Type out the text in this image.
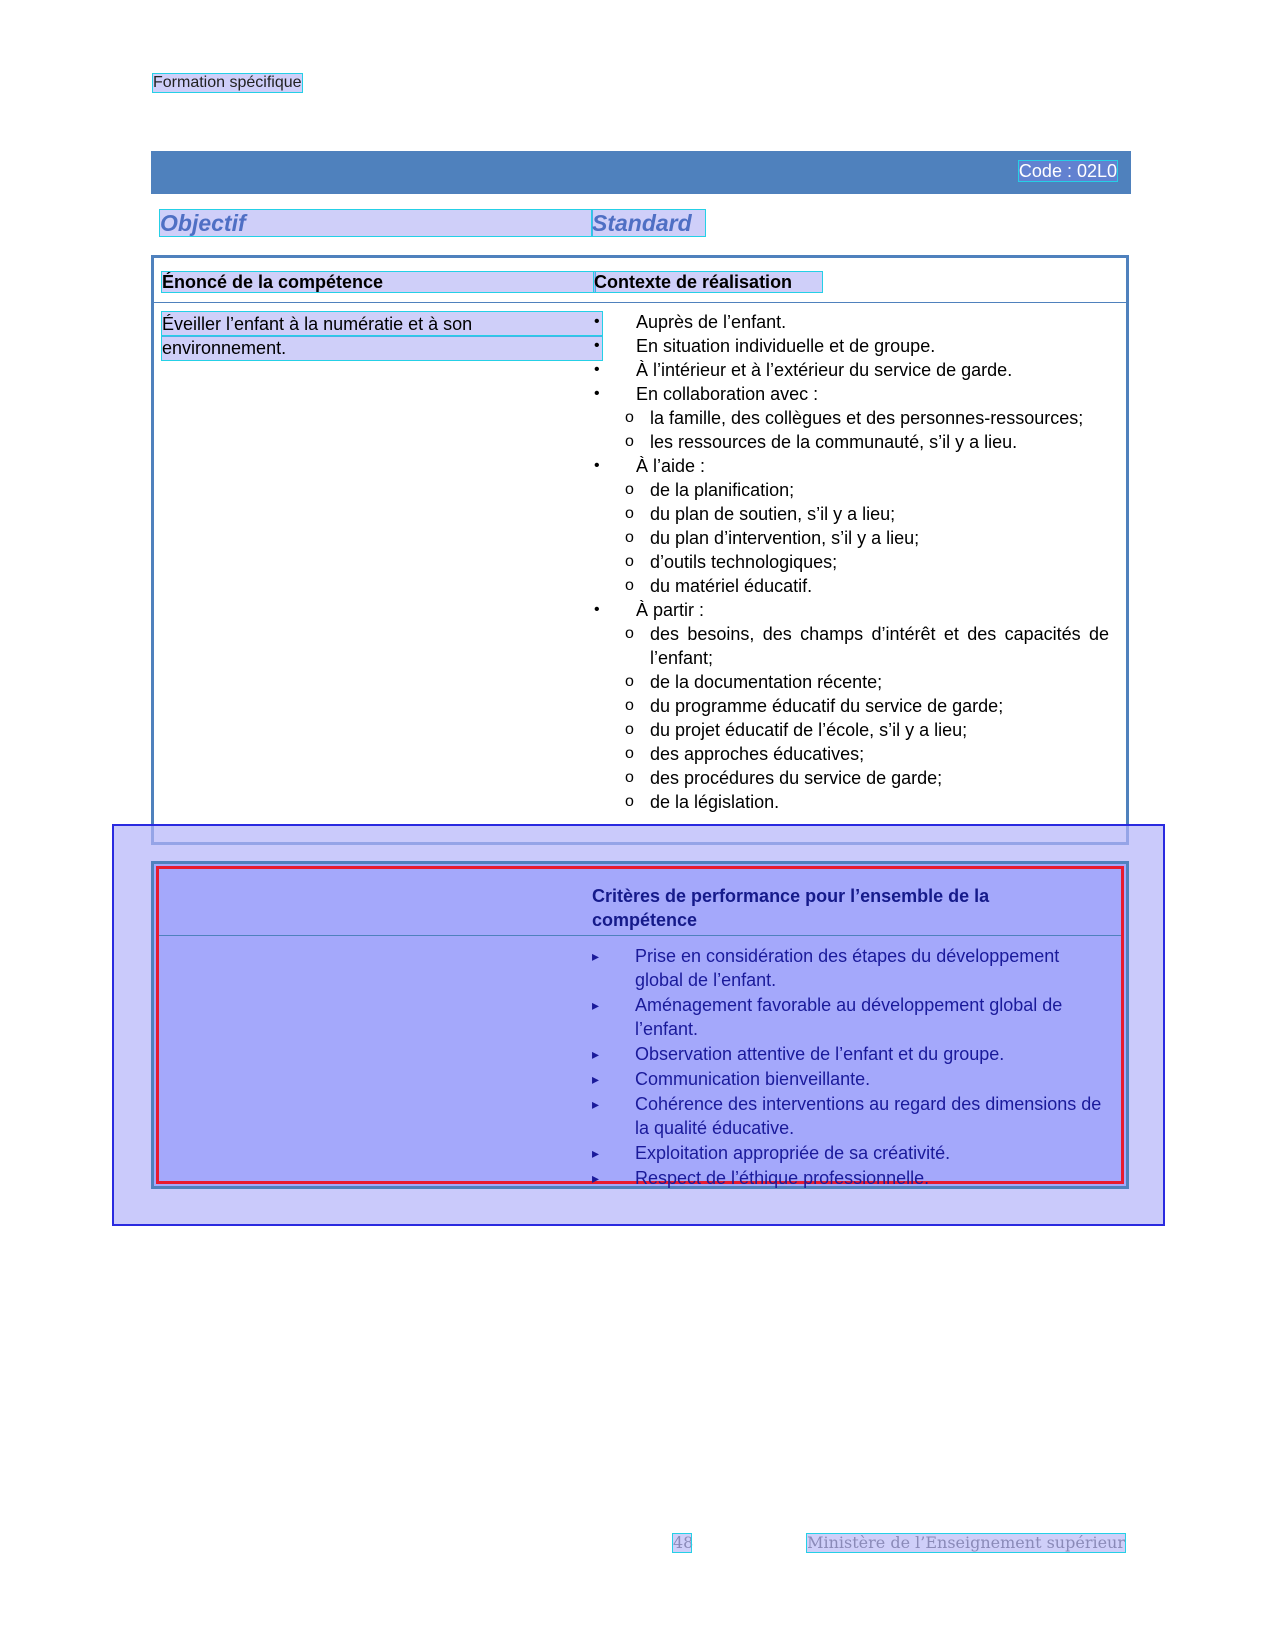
Formation spécifique
Code : 02L0
Objectif	Standard
Énoncé de la compétence	Contexte de réalisation
Éveiller l’enfant à la numératie et à son
environnement.
• Auprès de l’enfant.
• En situation individuelle et de groupe.
• À l’intérieur et à l’extérieur du service de garde.
• En collaboration avec :
o la famille, des collègues et des personnes-ressources;
o les ressources de la communauté, s’il y a lieu.
• À l’aide :
o de la planification;
o du plan de soutien, s’il y a lieu;
o du plan d’intervention, s’il y a lieu;
o d’outils technologiques;
o du matériel éducatif.
• À partir :
o des besoins, des champs d’intérêt et des capacités de l’enfant;
o de la documentation récente;
o du programme éducatif du service de garde;
o du projet éducatif de l’école, s’il y a lieu;
o des approches éducatives;
o des procédures du service de garde;
o de la législation.
Critères de performance pour l’ensemble de la compétence
▸ Prise en considération des étapes du développement global de l’enfant.
▸ Aménagement favorable au développement global de l’enfant.
▸ Observation attentive de l’enfant et du groupe.
▸ Communication bienveillante.
▸ Cohérence des interventions au regard des dimensions de la qualité éducative.
▸ Exploitation appropriée de sa créativité.
▸ Respect de l’éthique professionnelle.
48	Ministère de l’Enseignement supérieur
